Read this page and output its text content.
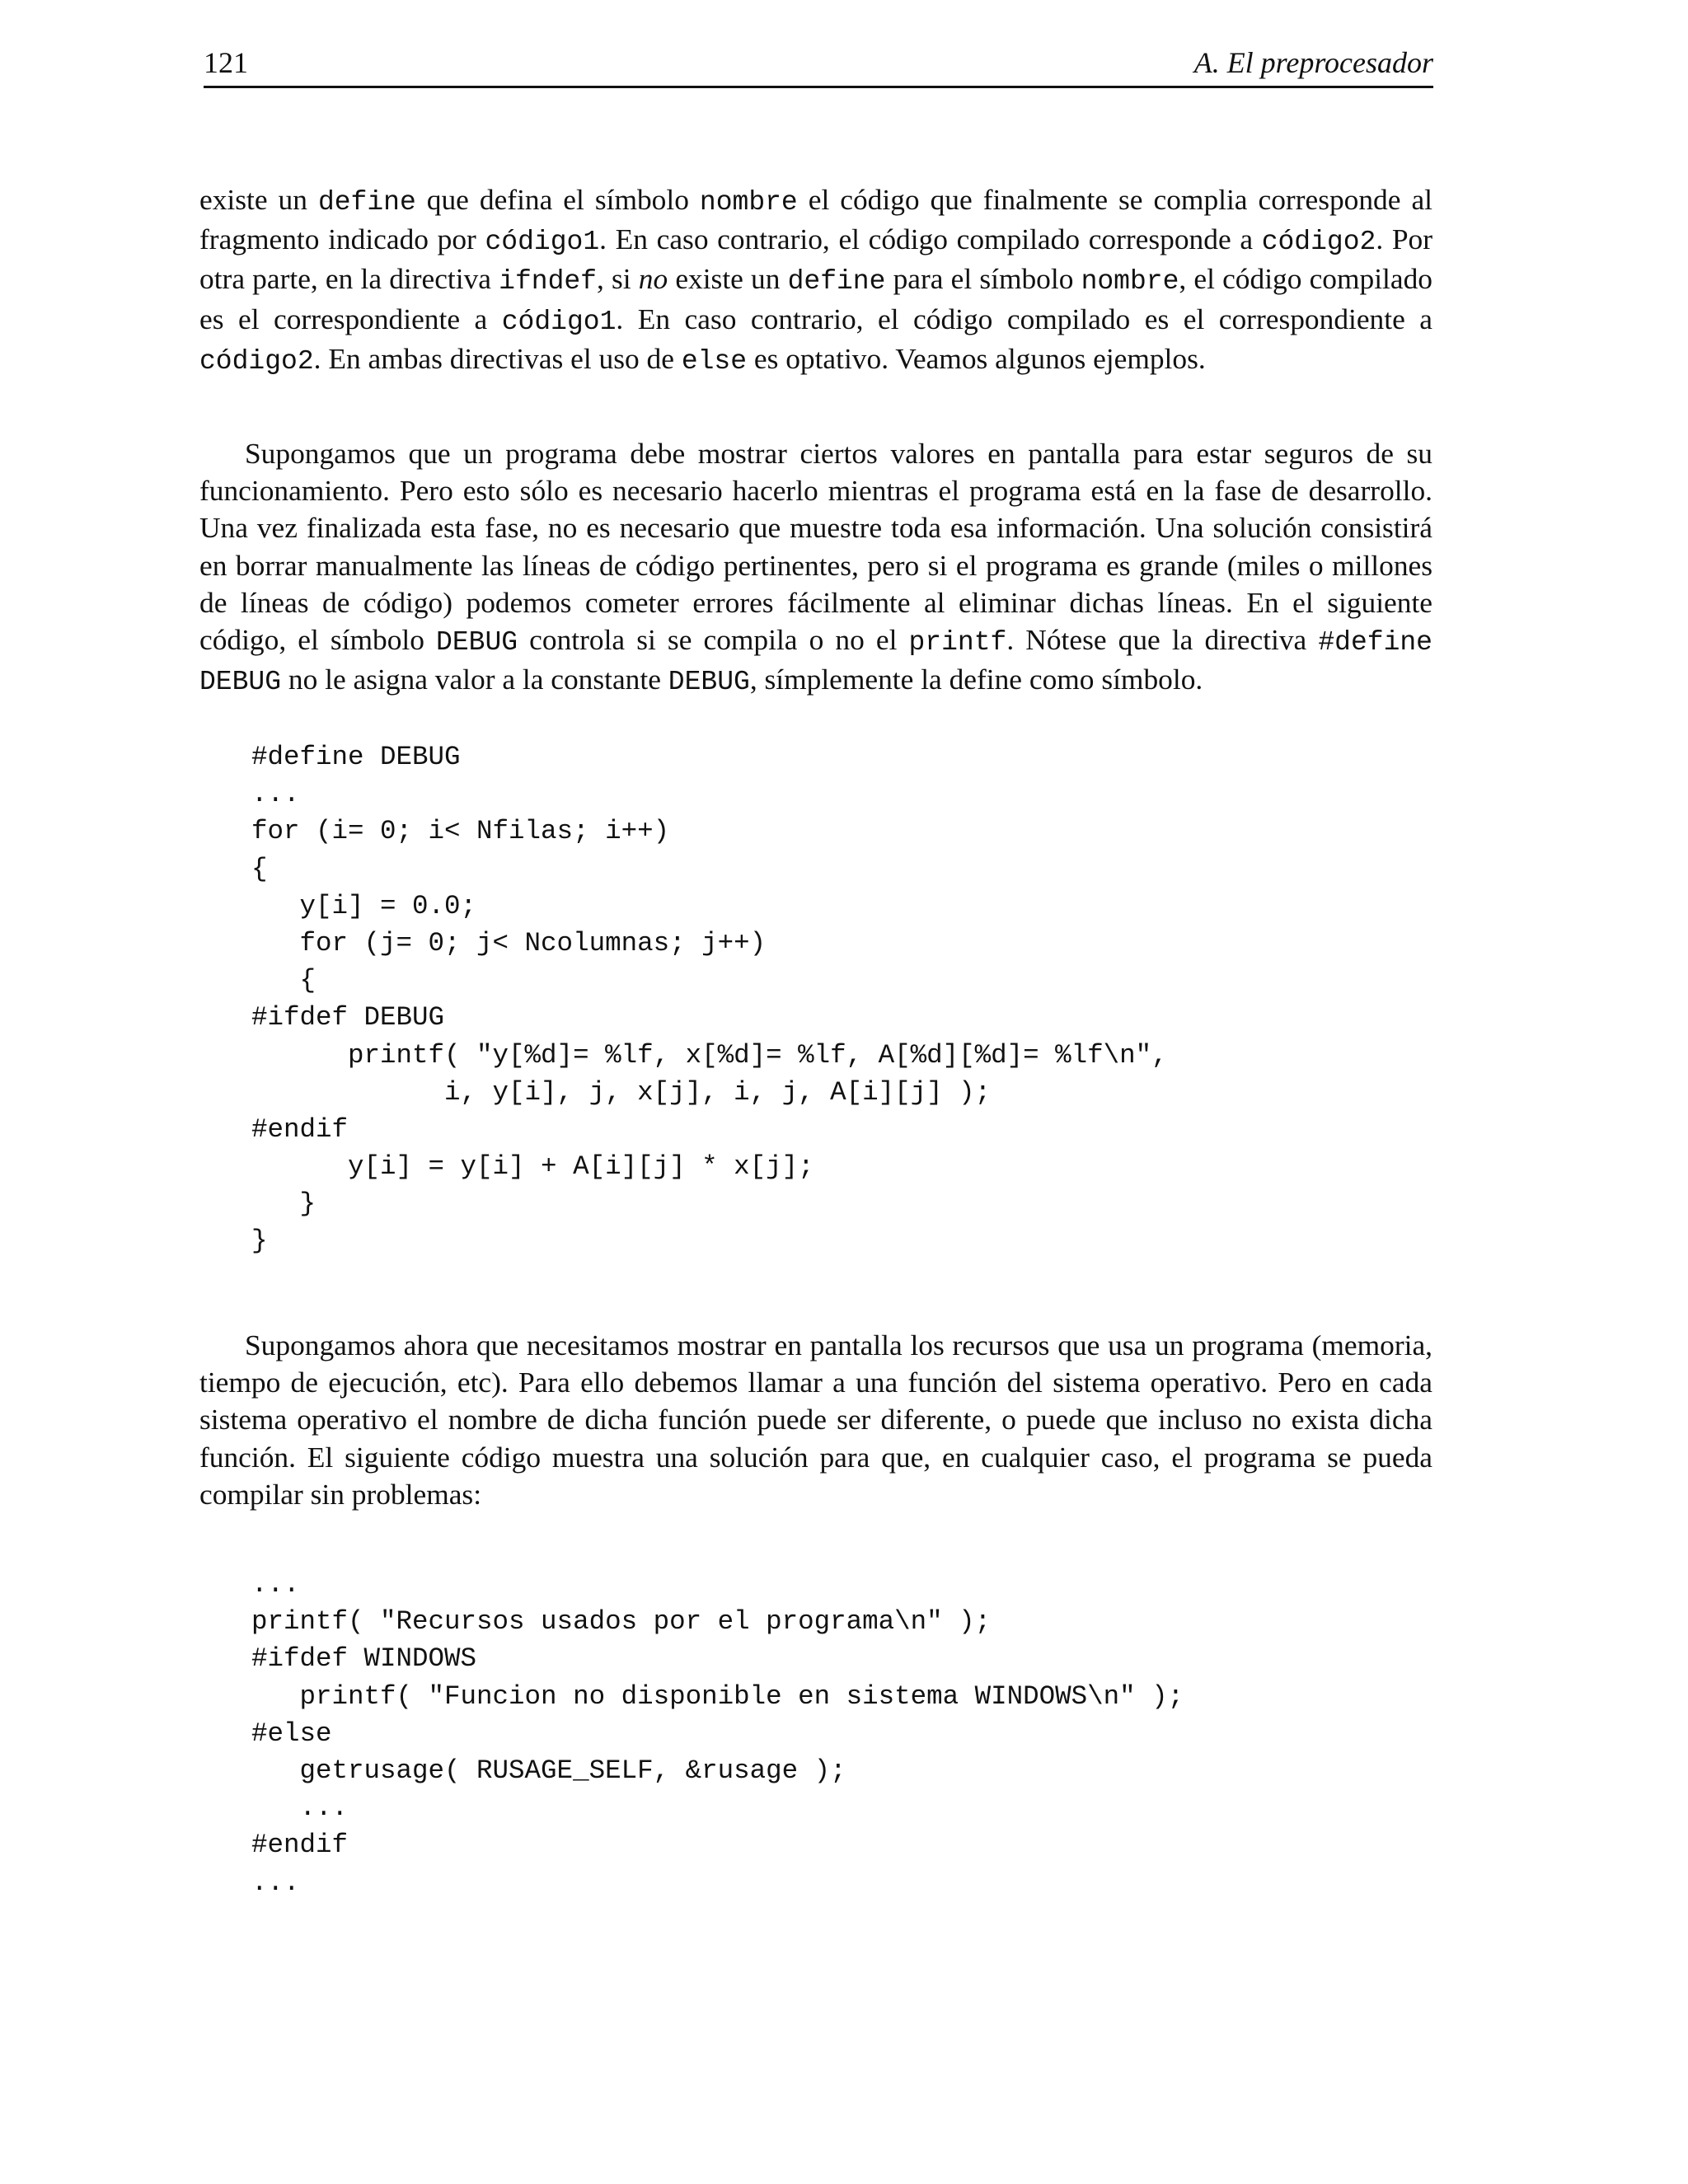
121	A. El preprocesador

existe un define que defina el símbolo nombre el código que finalmente se complia corresponde al fragmento indicado por código1. En caso contrario, el código compilado corresponde a código2. Por otra parte, en la directiva ifndef, si no existe un define para el símbolo nombre, el código compilado es el correspondiente a código1. En caso contrario, el código compilado es el correspondiente a código2. En ambas directivas el uso de else es optativo. Veamos algunos ejemplos.

Supongamos que un programa debe mostrar ciertos valores en pantalla para estar seguros de su funcionamiento. Pero esto sólo es necesario hacerlo mientras el programa está en la fase de desarrollo. Una vez finalizada esta fase, no es necesario que muestre toda esa información. Una solución consistirá en borrar manualmente las líneas de código pertinentes, pero si el programa es grande (miles o millones de líneas de código) podemos cometer errores fácilmente al eliminar dichas líneas. En el siguiente código, el símbolo DEBUG controla si se compila o no el printf. Nótese que la directiva #define DEBUG no le asigna valor a la constante DEBUG, símplemente la define como símbolo.

#define DEBUG
...
for (i= 0; i< Nfilas; i++)
{
y[i] = 0.0;
for (j= 0; j< Ncolumnas; j++)
{
#ifdef DEBUG
printf( "y[%d]= %lf, x[%d]= %lf, A[%d][%d]= %lf\n",
i, y[i], j, x[j], i, j, A[i][j] );
#endif
y[i] = y[i] + A[i][j] * x[j];
}
}

Supongamos ahora que necesitamos mostrar en pantalla los recursos que usa un programa (memoria, tiempo de ejecución, etc). Para ello debemos llamar a una función del sistema operativo. Pero en cada sistema operativo el nombre de dicha función puede ser diferente, o puede que incluso no exista dicha función. El siguiente código muestra una solución para que, en cualquier caso, el programa se pueda compilar sin problemas:

...
printf( "Recursos usados por el programa\n" );
#ifdef WINDOWS
printf( "Funcion no disponible en sistema WINDOWS\n" );
#else
getrusage( RUSAGE_SELF, &rusage );
...
#endif
...
